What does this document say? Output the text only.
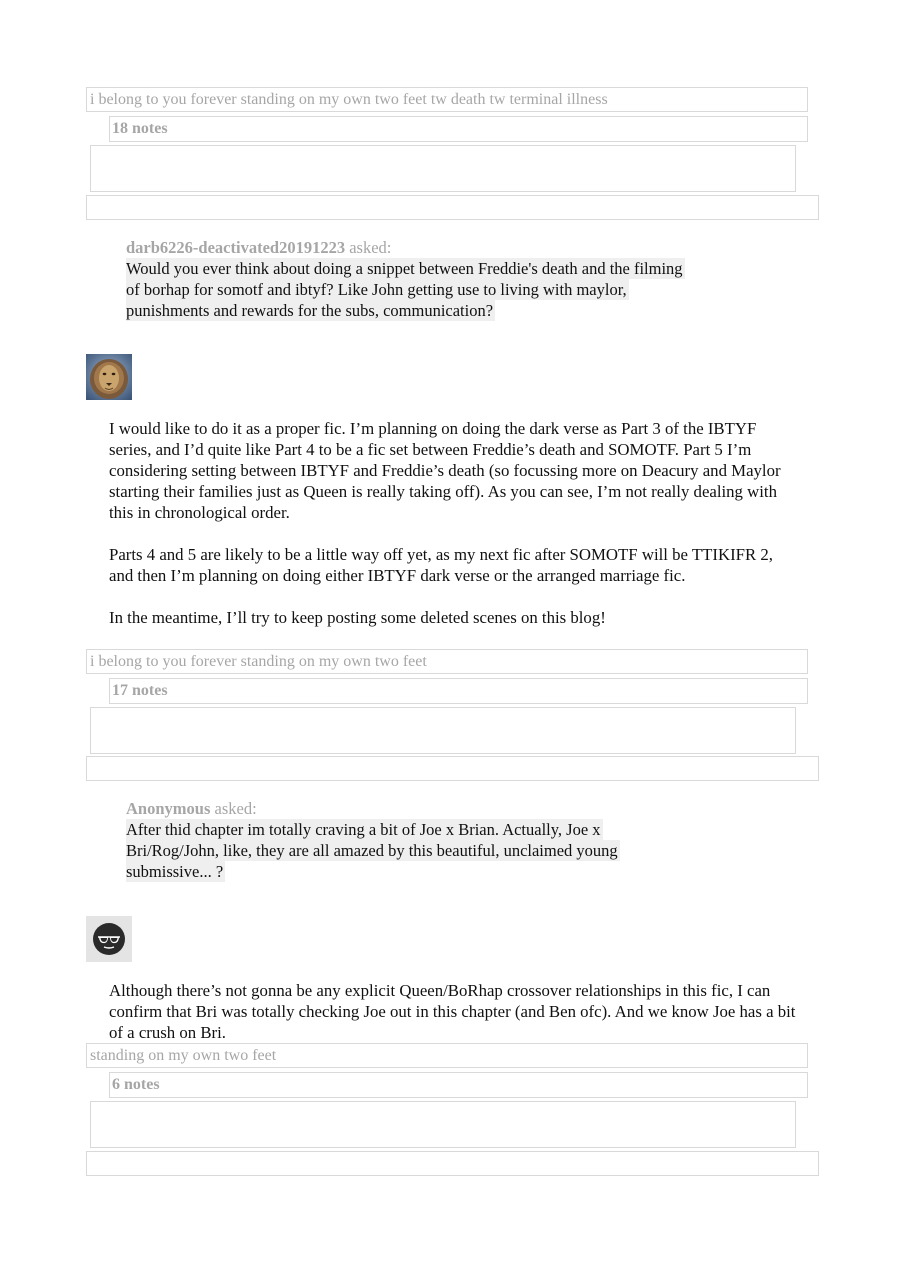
i belong to you forever standing on my own two feet tw death tw terminal illness
18 notes
darb6226-deactivated20191223 asked:
Would you ever think about doing a snippet between Freddie's death and the filming of borhap for somotf and ibtyf? Like John getting use to living with maylor, punishments and rewards for the subs, communication?

I would like to do it as a proper fic. I’m planning on doing the dark verse as Part 3 of the IBTYF series, and I’d quite like Part 4 to be a fic set between Freddie’s death and SOMOTF. Part 5 I’m considering setting between IBTYF and Freddie’s death (so focussing more on Deacury and Maylor starting their families just as Queen is really taking off). As you can see, I’m not really dealing with this in chronological order.

Parts 4 and 5 are likely to be a little way off yet, as my next fic after SOMOTF will be TTIKIFR 2, and then I’m planning on doing either IBTYF dark verse or the arranged marriage fic.

In the meantime, I’ll try to keep posting some deleted scenes on this blog!

i belong to you forever standing on my own two feet
17 notes
Anonymous asked:
After thid chapter im totally craving a bit of Joe x Brian. Actually, Joe x Bri/Rog/John, like, they are all amazed by this beautiful, unclaimed young submissive... ?

Although there’s not gonna be any explicit Queen/BoRhap crossover relationships in this fic, I can confirm that Bri was totally checking Joe out in this chapter (and Ben ofc). And we know Joe has a bit of a crush on Bri.

standing on my own two feet
6 notes
